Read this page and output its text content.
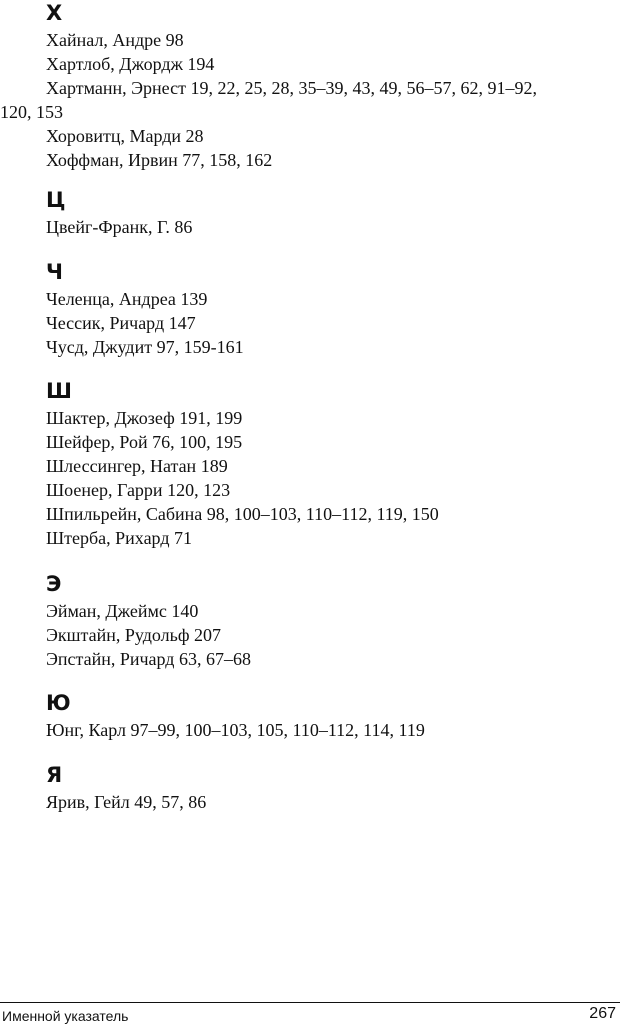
Х
Хайнал, Андре 98
Хартлоб, Джордж 194
Хартманн, Эрнест 19, 22, 25, 28, 35–39, 43, 49, 56–57, 62, 91–92,
120, 153
Хоровитц, Марди 28
Хоффман, Ирвин 77, 158, 162
Ц
Цвейг-Франк, Г. 86
Ч
Челенца, Андреа 139
Чессик, Ричард 147
Чусд, Джудит 97, 159-161
Ш
Шактер, Джозеф 191, 199
Шейфер, Рой 76, 100, 195
Шлессингер, Натан 189
Шоенер, Гарри 120, 123
Шпильрейн, Сабина 98, 100–103, 110–112, 119, 150
Штерба, Рихард 71
Э
Эйман, Джеймс 140
Экштайн, Рудольф 207
Эпстайн, Ричард 63, 67–68
Ю
Юнг, Карл 97–99, 100–103, 105, 110–112, 114, 119
Я
Ярив, Гейл 49, 57, 86
Именной указатель	267
